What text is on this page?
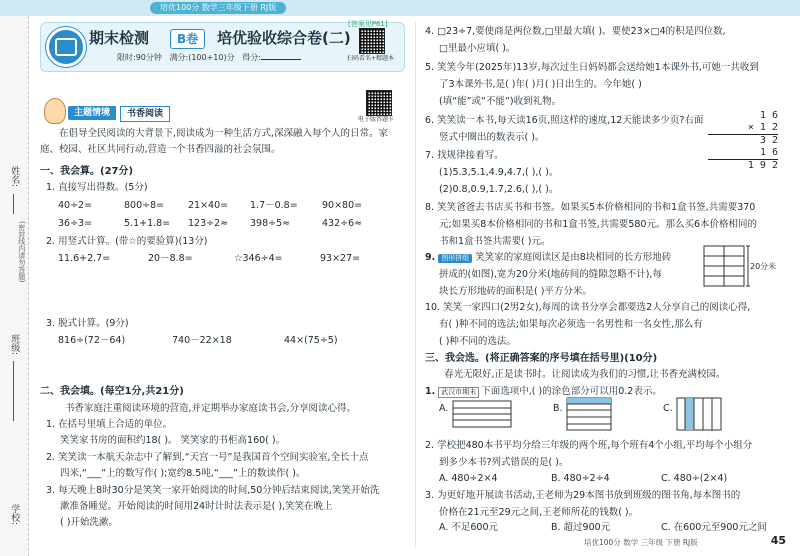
培优100分 数学三年级下册 RJ版
姓名:
(密封线内请勿答题)
班级:
学校:
期末检测	B卷	培优验收综合卷(二)
限时:90分钟 满分:(100+10)分 得分:	扫码看名+精题本
[答案见P61]
电子版答题卡
主题情境	书香阅读
在倡导全民阅读的大背景下,阅读成为一种生活方式,深深融入每个人的日常。家庭、校园、社区共同行动,营造一个书香四溢的社会氛围。
一、我会算。(27分)
1. 直接写出得数。(5分)
40÷2=	800÷8=	21×40= 1.7－0.8=	90×80=
36÷3=	5.1+1.8= 123÷2≈ 398÷5≈	432÷6≈
2. 用竖式计算。(带☆的要验算)(13分)
11.6+2.7=	20－8.8=	☆346÷4=	93×27=
3. 脱式计算。(9分)
816÷(72－64)	740－22×18	44×(75÷5)
二、我会填。(每空1分,共21分)
书香家庭注重阅读环境的营造,并定期举办家庭读书会,分享阅读心得。
1. 在括号里填上合适的单位。
笑笑家书房的面积约18( )。 笑笑家的书柜高160( )。
2. 笑笑读一本航天杂志中了解到,“天宫一号”是我国首个空间实验室,全长十点
四米,“___”上的数写作( );宽约8.5吨,“___”上的数读作( )。
3. 每天晚上8时30分是笑笑一家开始阅读的时间,50分钟后结束阅读,笑笑开始洗
漱准备睡觉。开始阅读的时间用24时计时法表示是( ),笑笑在晚上
( )开始洗漱。
4. □23÷7,要使商是两位数,□里最大填( )。要使23×□4的积是四位数,
□里最小应填( )。
5. 笑笑今年(2025年)13岁,每次过生日妈妈都会送给她1本课外书,可她一共收到
了3本课外书,是( )年( )月( )日出生的。今年她( )
(填“能”或“不能”)收到礼物。
6. 笑笑读一本书,每天读16页,照这样的速度,12天能读多少页?右面
竖式中圈出的数表示( )。
1 6
× 1 2
3 2
1 6
1 9 2
7. 找规律接着写。
(1)5.3,5.1,4.9,4.7,( ),( )。
(2)0.8,0.9,1.7,2.6,( ),( )。
8. 笑笑爸爸去书店买书和书签。如果买5本价格相同的书和1盒书签,共需要370
元;如果买8本价格相同的书和1盒书签,共需要580元。那么买6本价格相同的
书和1盒书签共需要( )元。
9. 图形拼组 笑笑家的家庭阅读区是由8块相同的长方形地砖
拼成的(如图),宽为20分米(地砖间的缝隙忽略不计),每
块长方形地砖的面积是( )平方分米。
20分米
10. 笑笑一家四口(2男2女),每周的读书分享会都要选2人分享自己的阅读心得,
有( )种不同的选法;如果每次必须选一名男性和一名女性,那么有
( )种不同的选法。
三、我会选。(将正确答案的序号填在括号里)(10分)
春光无限好,正是读书时。让阅读成为我们的习惯,让书香充满校园。
1. 武汉市期末 下面选项中,( )的涂色部分可以用0.2表示。
A.	B.	C.
2. 学校把480本书平均分给三年级的两个班,每个班有4个小组,平均每个小组分
到多少本书?列式错误的是( )。
A. 480÷2×4	B. 480÷2÷4	C. 480÷(2×4)
3. 为更好地开展读书活动,王老师为29本图书放到班级的图书角,每本图书的
价格在21元至29元之间,王老师所花的钱数( )。
A. 不足600元	B. 超过900元	C. 在600元至900元之间
培优100分 数学 三年级 下册 RJ版	45
